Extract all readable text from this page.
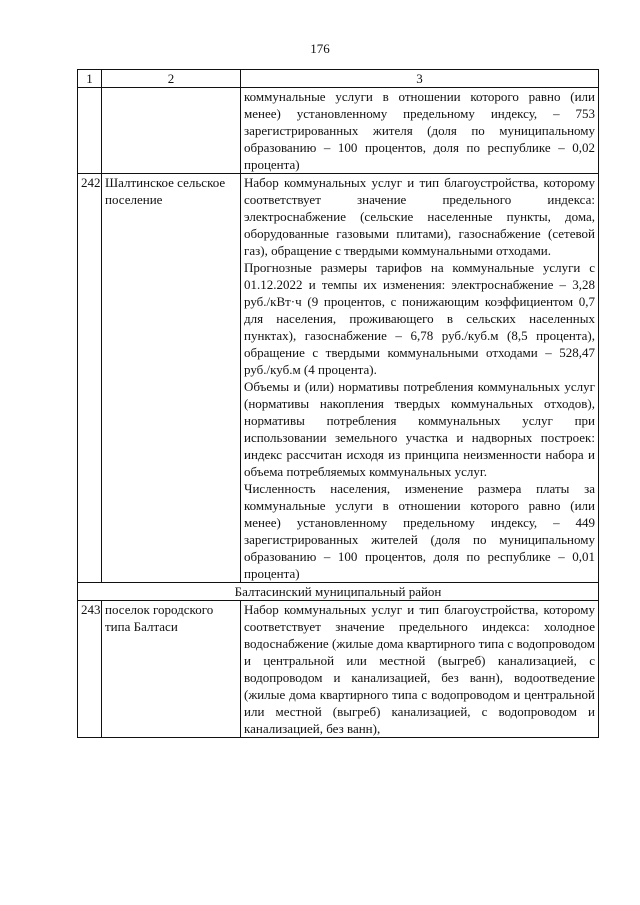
176
1	2	3

		коммунальные услуги в отношении которого равно (или менее) установленному предельному индексу, – 753 зарегистрированных жителя (доля по муниципальному образованию – 100 процентов, доля по республике – 0,02 процента)

242	Шалтинское сельское поселение	Набор коммунальных услуг и тип благоустройства, которому соответствует значение предельного индекса: электроснабжение (сельские населенные пункты, дома, оборудованные газовыми плитами), газоснабжение (сетевой газ), обращение с твердыми коммунальными отходами.

Прогнозные размеры тарифов на коммунальные услуги с 01.12.2022 и темпы их изменения: электроснабжение – 3,28 руб./кВт·ч (9 процентов, с понижающим коэффициентом 0,7 для населения, проживающего в сельских населенных пунктах), газоснабжение – 6,78 руб./куб.м (8,5 процента), обращение с твердыми коммунальными отходами – 528,47 руб./куб.м (4 процента).

Объемы и (или) нормативы потребления коммунальных услуг (нормативы накопления твердых коммунальных отходов), нормативы потребления коммунальных услуг при использовании земельного участка и надворных построек: индекс рассчитан исходя из принципа неизменности набора и объема потребляемых коммунальных услуг.

Численность населения, изменение размера платы за коммунальные услуги в отношении которого равно (или менее) установленному предельному индексу, – 449 зарегистрированных жителей (доля по муниципальному образованию – 100 процентов, доля по республике – 0,01 процента)

Балтасинский муниципальный район		
243	поселок городского типа Балтаси	Набор коммунальных услуг и тип благоустройства, которому соответствует значение предельного индекса: холодное водоснабжение (жилые дома квартирного типа с водопроводом и центральной или местной (выгреб) канализацией, с водопроводом и канализацией, без ванн), водоотведение (жилые дома квартирного типа с водопроводом и центральной или местной (выгреб) канализацией, с водопроводом и канализацией, без ванн),
